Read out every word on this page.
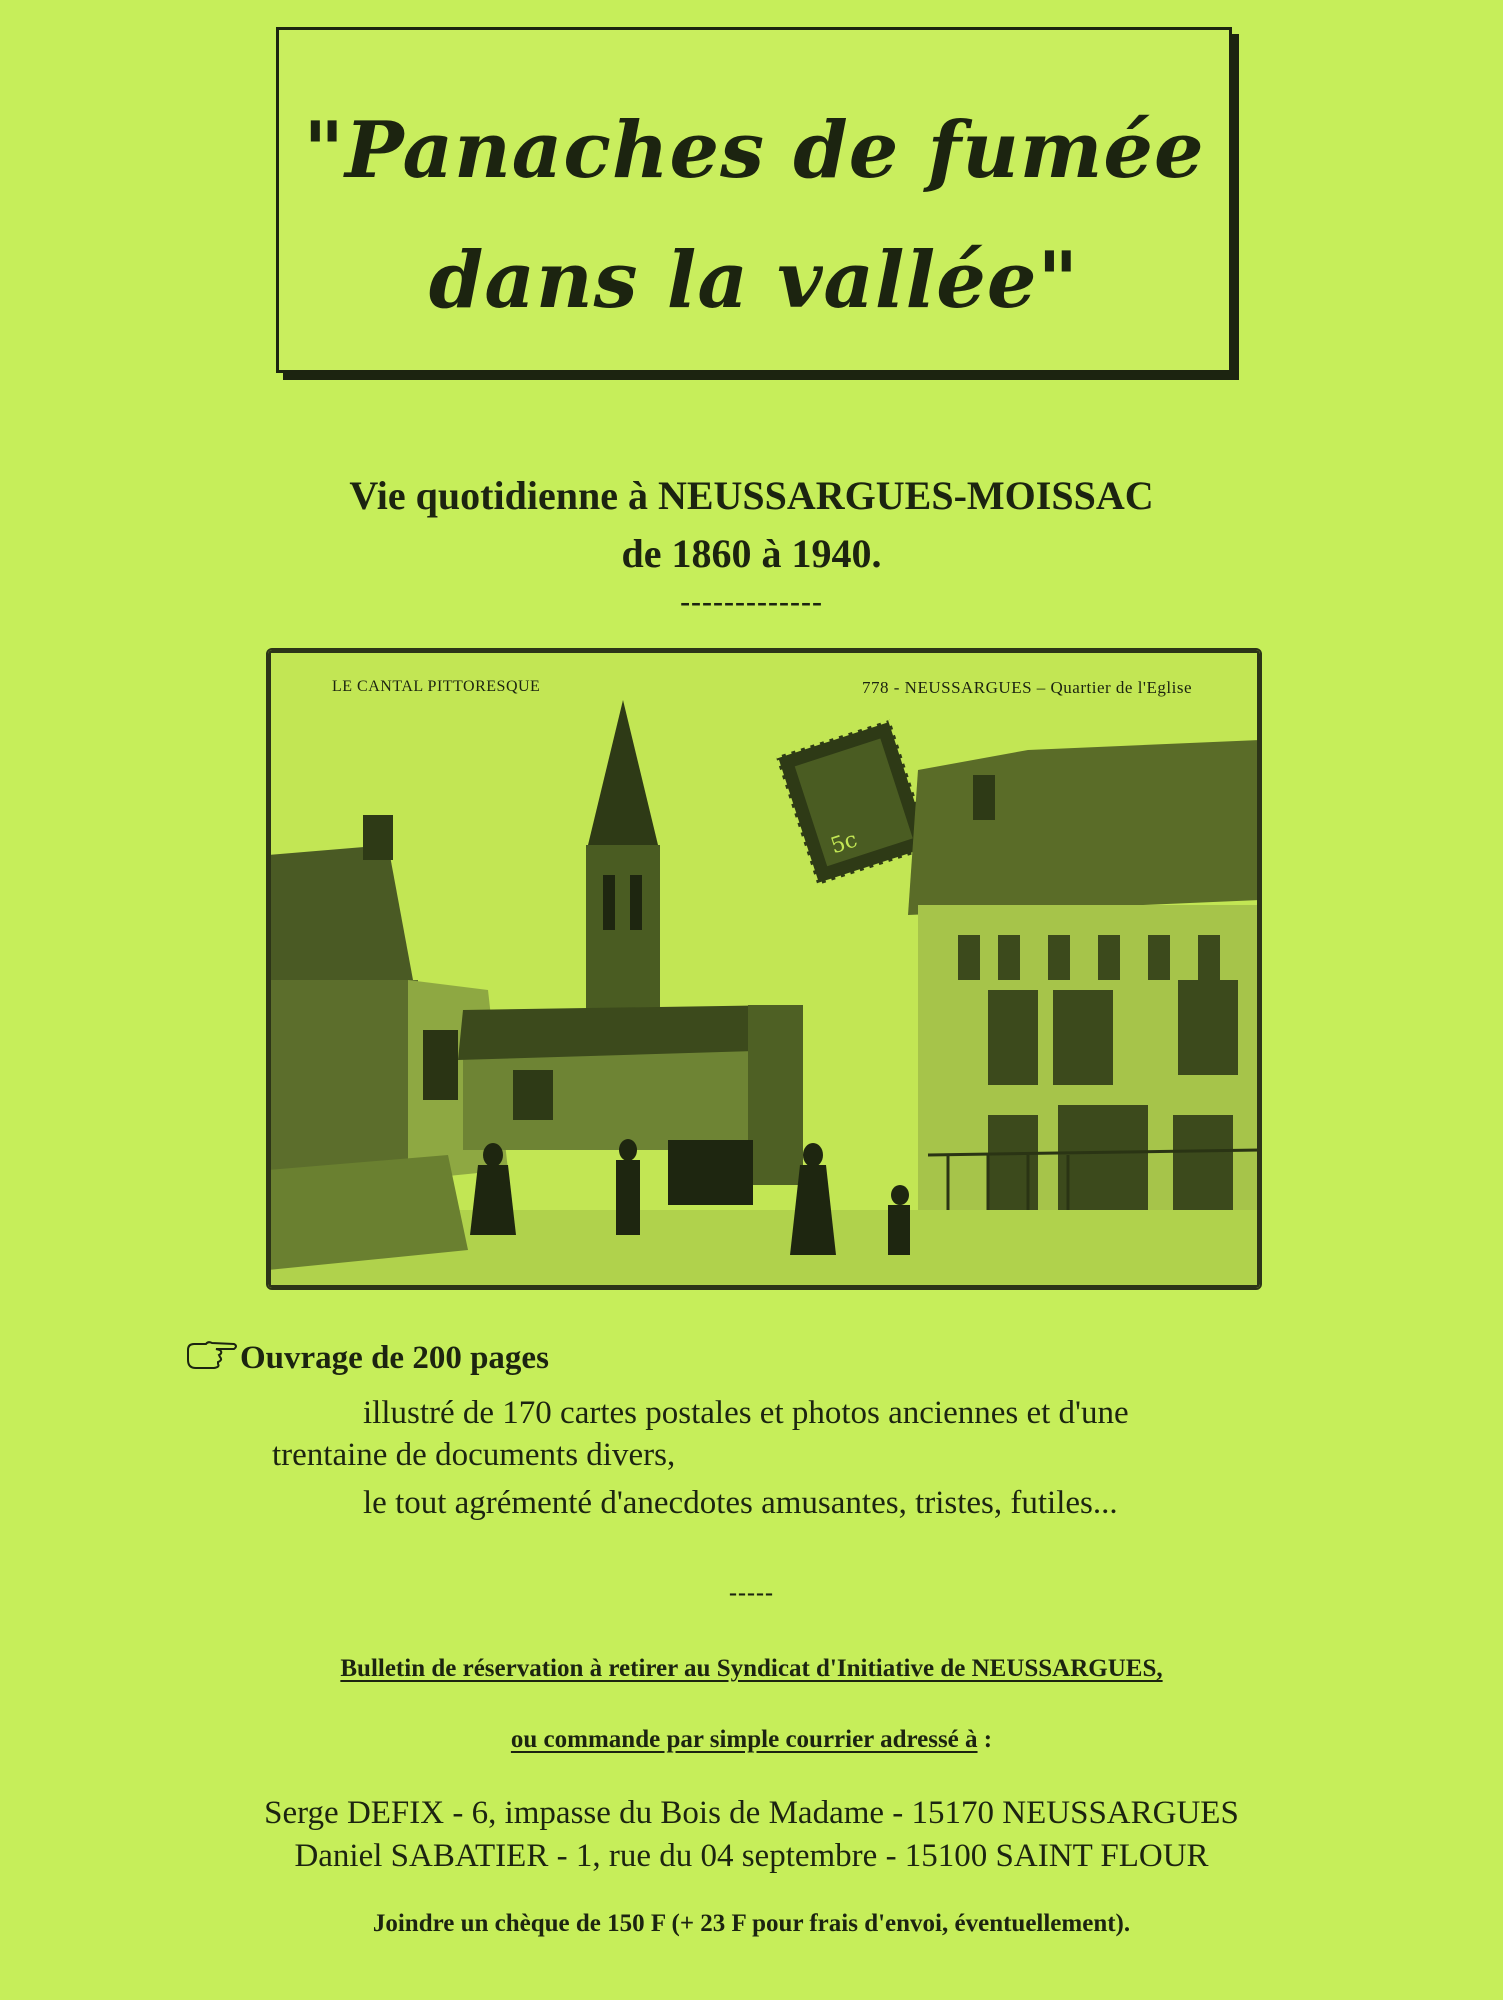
"Panaches de fumée
dans la vallée"
Vie quotidienne à NEUSSARGUES-MOISSAC
de 1860 à 1940.
-------------
5c
LE CANTAL PITTORESQUE	778 - NEUSSARGUES – Quartier de l'Eglise
Ouvrage de 200 pages
illustré de 170 cartes postales et photos anciennes et d'une
trentaine de documents divers,
le tout agrémenté d'anecdotes amusantes, tristes, futiles...
-----
Bulletin de réservation à retirer au Syndicat d'Initiative de NEUSSARGUES,
ou commande par simple courrier adressé à :
Serge DEFIX - 6, impasse du Bois de Madame - 15170 NEUSSARGUES
Daniel SABATIER - 1, rue du 04 septembre - 15100 SAINT FLOUR
Joindre un chèque de 150 F (+ 23 F pour frais d'envoi, éventuellement).
